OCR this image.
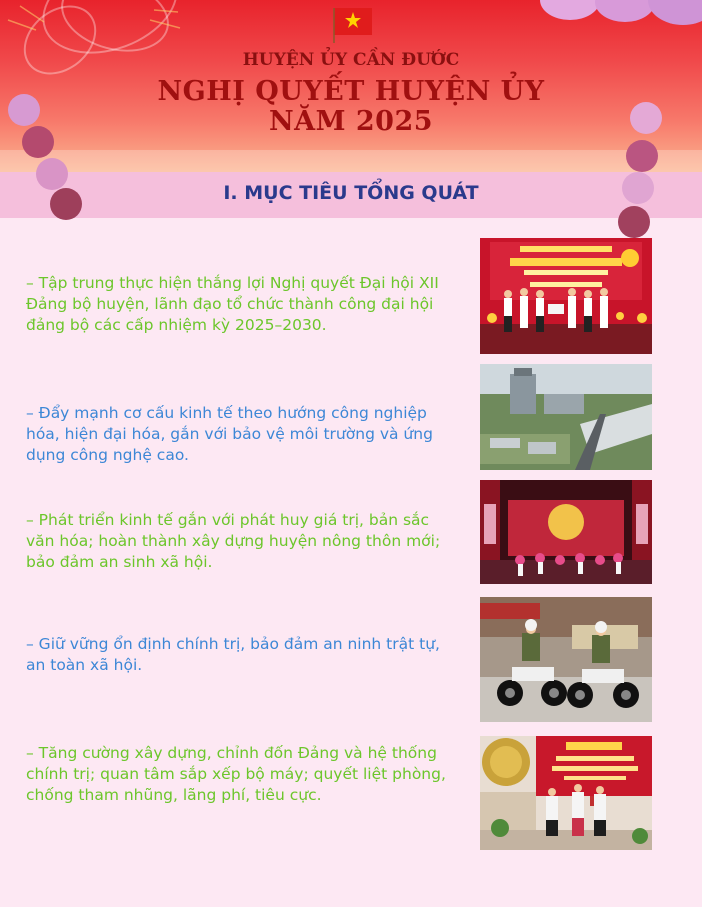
HUYỆN ỦY CẦN ĐƯỚC
NGHỊ QUYẾT HUYỆN ỦY
NĂM 2025
I. MỤC TIÊU TỔNG QUÁT
– Tập trung thực hiện thắng lợi Nghị quyết Đại hội XII Đảng bộ huyện, lãnh đạo tổ chức thành công đại hội đảng bộ các cấp nhiệm kỳ 2025–2030.
– Đẩy mạnh cơ cấu kinh tế theo hướng công nghiệp hóa, hiện đại hóa, gắn với bảo vệ môi trường và ứng dụng công nghệ cao.
– Phát triển kinh tế gắn với phát huy giá trị, bản sắc văn hóa; hoàn thành xây dựng huyện nông thôn mới; bảo đảm an sinh xã hội.
– Giữ vững ổn định chính trị, bảo đảm an ninh trật tự, an toàn xã hội.
– Tăng cường xây dựng, chỉnh đốn Đảng và hệ thống chính trị; quan tâm sắp xếp bộ máy; quyết liệt phòng, chống tham nhũng, lãng phí, tiêu cực.
